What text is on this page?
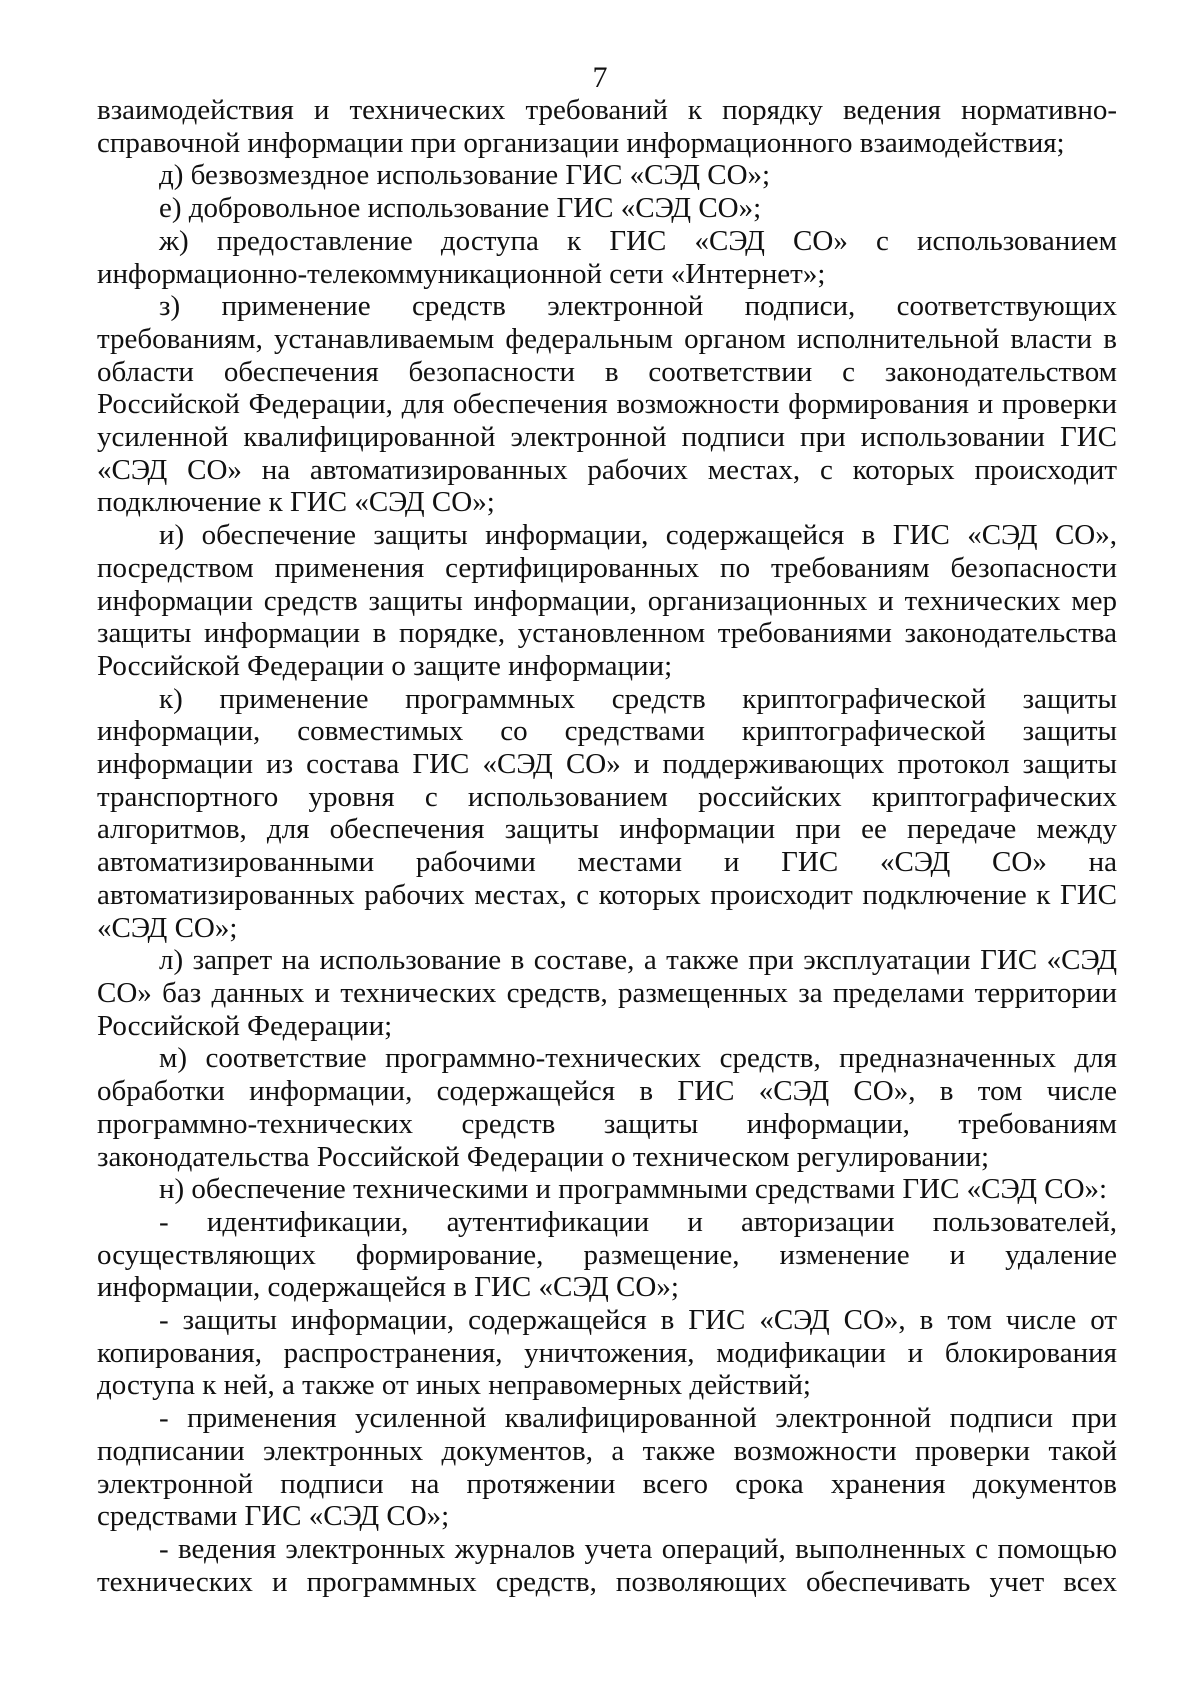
7

взаимодействия и технических требований к порядку ведения нормативно-справочной информации при организации информационного взаимодействия;

д) безвозмездное использование ГИС «СЭД СО»;

е) добровольное использование ГИС «СЭД СО»;

ж) предоставление доступа к ГИС «СЭД СО» с использованием информационно-телекоммуникационной сети «Интернет»;

з) применение средств электронной подписи, соответствующих требованиям, устанавливаемым федеральным органом исполнительной власти в области обеспечения безопасности в соответствии с законодательством Российской Федерации, для обеспечения возможности формирования и проверки усиленной квалифицированной электронной подписи при использовании ГИС «СЭД СО» на автоматизированных рабочих местах, с которых происходит подключение к ГИС «СЭД СО»;

и) обеспечение защиты информации, содержащейся в ГИС «СЭД СО», посредством применения сертифицированных по требованиям безопасности информации средств защиты информации, организационных и технических мер защиты информации в порядке, установленном требованиями законодательства Российской Федерации о защите информации;

к) применение программных средств криптографической защиты информации, совместимых со средствами криптографической защиты информации из состава ГИС «СЭД СО» и поддерживающих протокол защиты транспортного уровня с использованием российских криптографических алгоритмов, для обеспечения защиты информации при ее передаче между автоматизированными рабочими местами и ГИС «СЭД СО» на автоматизированных рабочих местах, с которых происходит подключение к ГИС «СЭД СО»;

л) запрет на использование в составе, а также при эксплуатации ГИС «СЭД СО» баз данных и технических средств, размещенных за пределами территории Российской Федерации;

м) соответствие программно-технических средств, предназначенных для обработки информации, содержащейся в ГИС «СЭД СО», в том числе программно-технических средств защиты информации, требованиям законодательства Российской Федерации о техническом регулировании;

н) обеспечение техническими и программными средствами ГИС «СЭД СО»:

- идентификации, аутентификации и авторизации пользователей, осуществляющих формирование, размещение, изменение и удаление информации, содержащейся в ГИС «СЭД СО»;

- защиты информации, содержащейся в ГИС «СЭД СО», в том числе от копирования, распространения, уничтожения, модификации и блокирования доступа к ней, а также от иных неправомерных действий;

- применения усиленной квалифицированной электронной подписи при подписании электронных документов, а также возможности проверки такой электронной подписи на протяжении всего срока хранения документов средствами ГИС «СЭД СО»;

- ведения электронных журналов учета операций, выполненных с помощью технических и программных средств, позволяющих обеспечивать учет всех
